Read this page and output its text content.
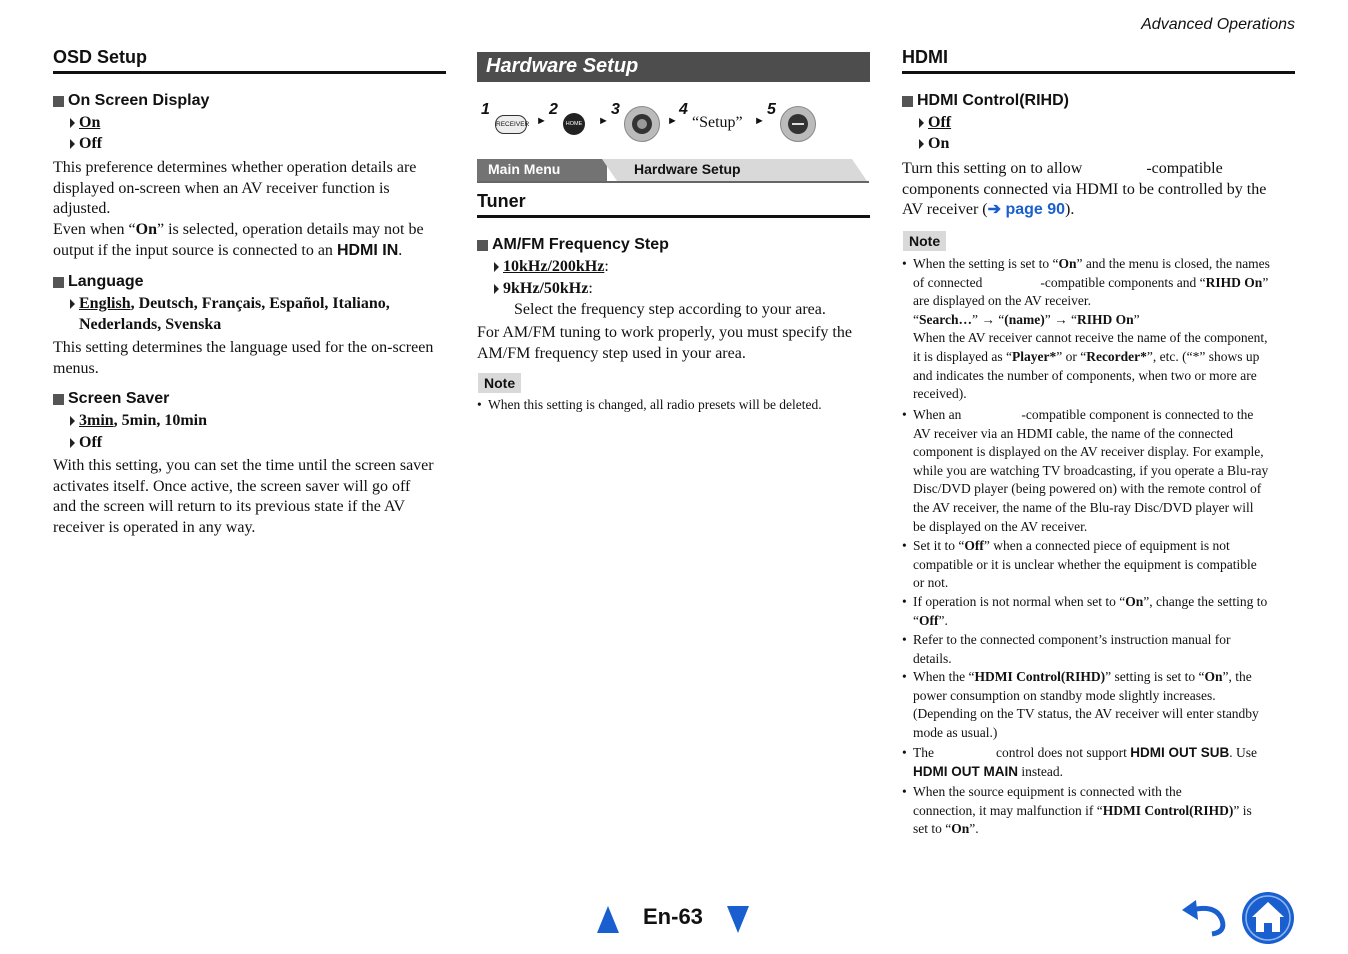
Advanced Operations
OSD Setup
On Screen Display
On
Off
This preference determines whether operation details are
displayed on-screen when an AV receiver function is
adjusted.
Even when “On” is selected, operation details may not be
output if the input source is connected to an HDMI IN.
Language
English , Deutsch, Français, Español, Italiano,
Nederlands, Svenska
This setting determines the language used for the on-screen
menus.
Screen Saver
3min , 5min, 10min
Off
With this setting, you can set the time until the screen saver
activates itself. Once active, the screen saver will go off
and the screen will return to its previous state if the AV
receiver is operated in any way.
Hardware Setup
1
RECEIVER ►
2
HOME ►
3
►
4
“Setup” ►
5
Main Menu	Hardware Setup
Tuner
AM/FM Frequency Step
10kHz/200kHz :
9kHz/50kHz :
Select the frequency step according to your area.
For AM/FM tuning to work properly, you must specify the
AM/FM frequency step used in your area.
Note
• When this setting is changed, all radio presets will be deleted.
HDMI
HDMI Control(RIHD)
Off
On
Turn this setting on to allow	-compatible
components connected via HDMI to be controlled by the
AV receiver (➔ page 90).
Note
• When the setting is set to “On” and the menu is closed, the names
of connected	-compatible components and “RIHD On”
are displayed on the AV receiver.
“Search…” → “(name)” → “RIHD On”
When the AV receiver cannot receive the name of the component,
it is displayed as “Player*” or “Recorder*”, etc. (“*” shows up
and indicates the number of components, when two or more are
received).
• When an	-compatible component is connected to the
AV receiver via an HDMI cable, the name of the connected
component is displayed on the AV receiver display. For example,
while you are watching TV broadcasting, if you operate a Blu-ray
Disc/DVD player (being powered on) with the remote control of
the AV receiver, the name of the Blu-ray Disc/DVD player will
be displayed on the AV receiver.
• Set it to “Off” when a connected piece of equipment is not
compatible or it is unclear whether the equipment is compatible
or not.
• If operation is not normal when set to “On”, change the setting to
“Off”.
• Refer to the connected component’s instruction manual for
details.
• When the “HDMI Control(RIHD)” setting is set to “On”, the
power consumption on standby mode slightly increases.
(Depending on the TV status, the AV receiver will enter standby
mode as usual.)
• The	control does not support HDMI OUT SUB. Use
HDMI OUT MAIN instead.
• When the source equipment is connected with the
connection, it may malfunction if “HDMI Control(RIHD)” is
set to “On”.
En-63
